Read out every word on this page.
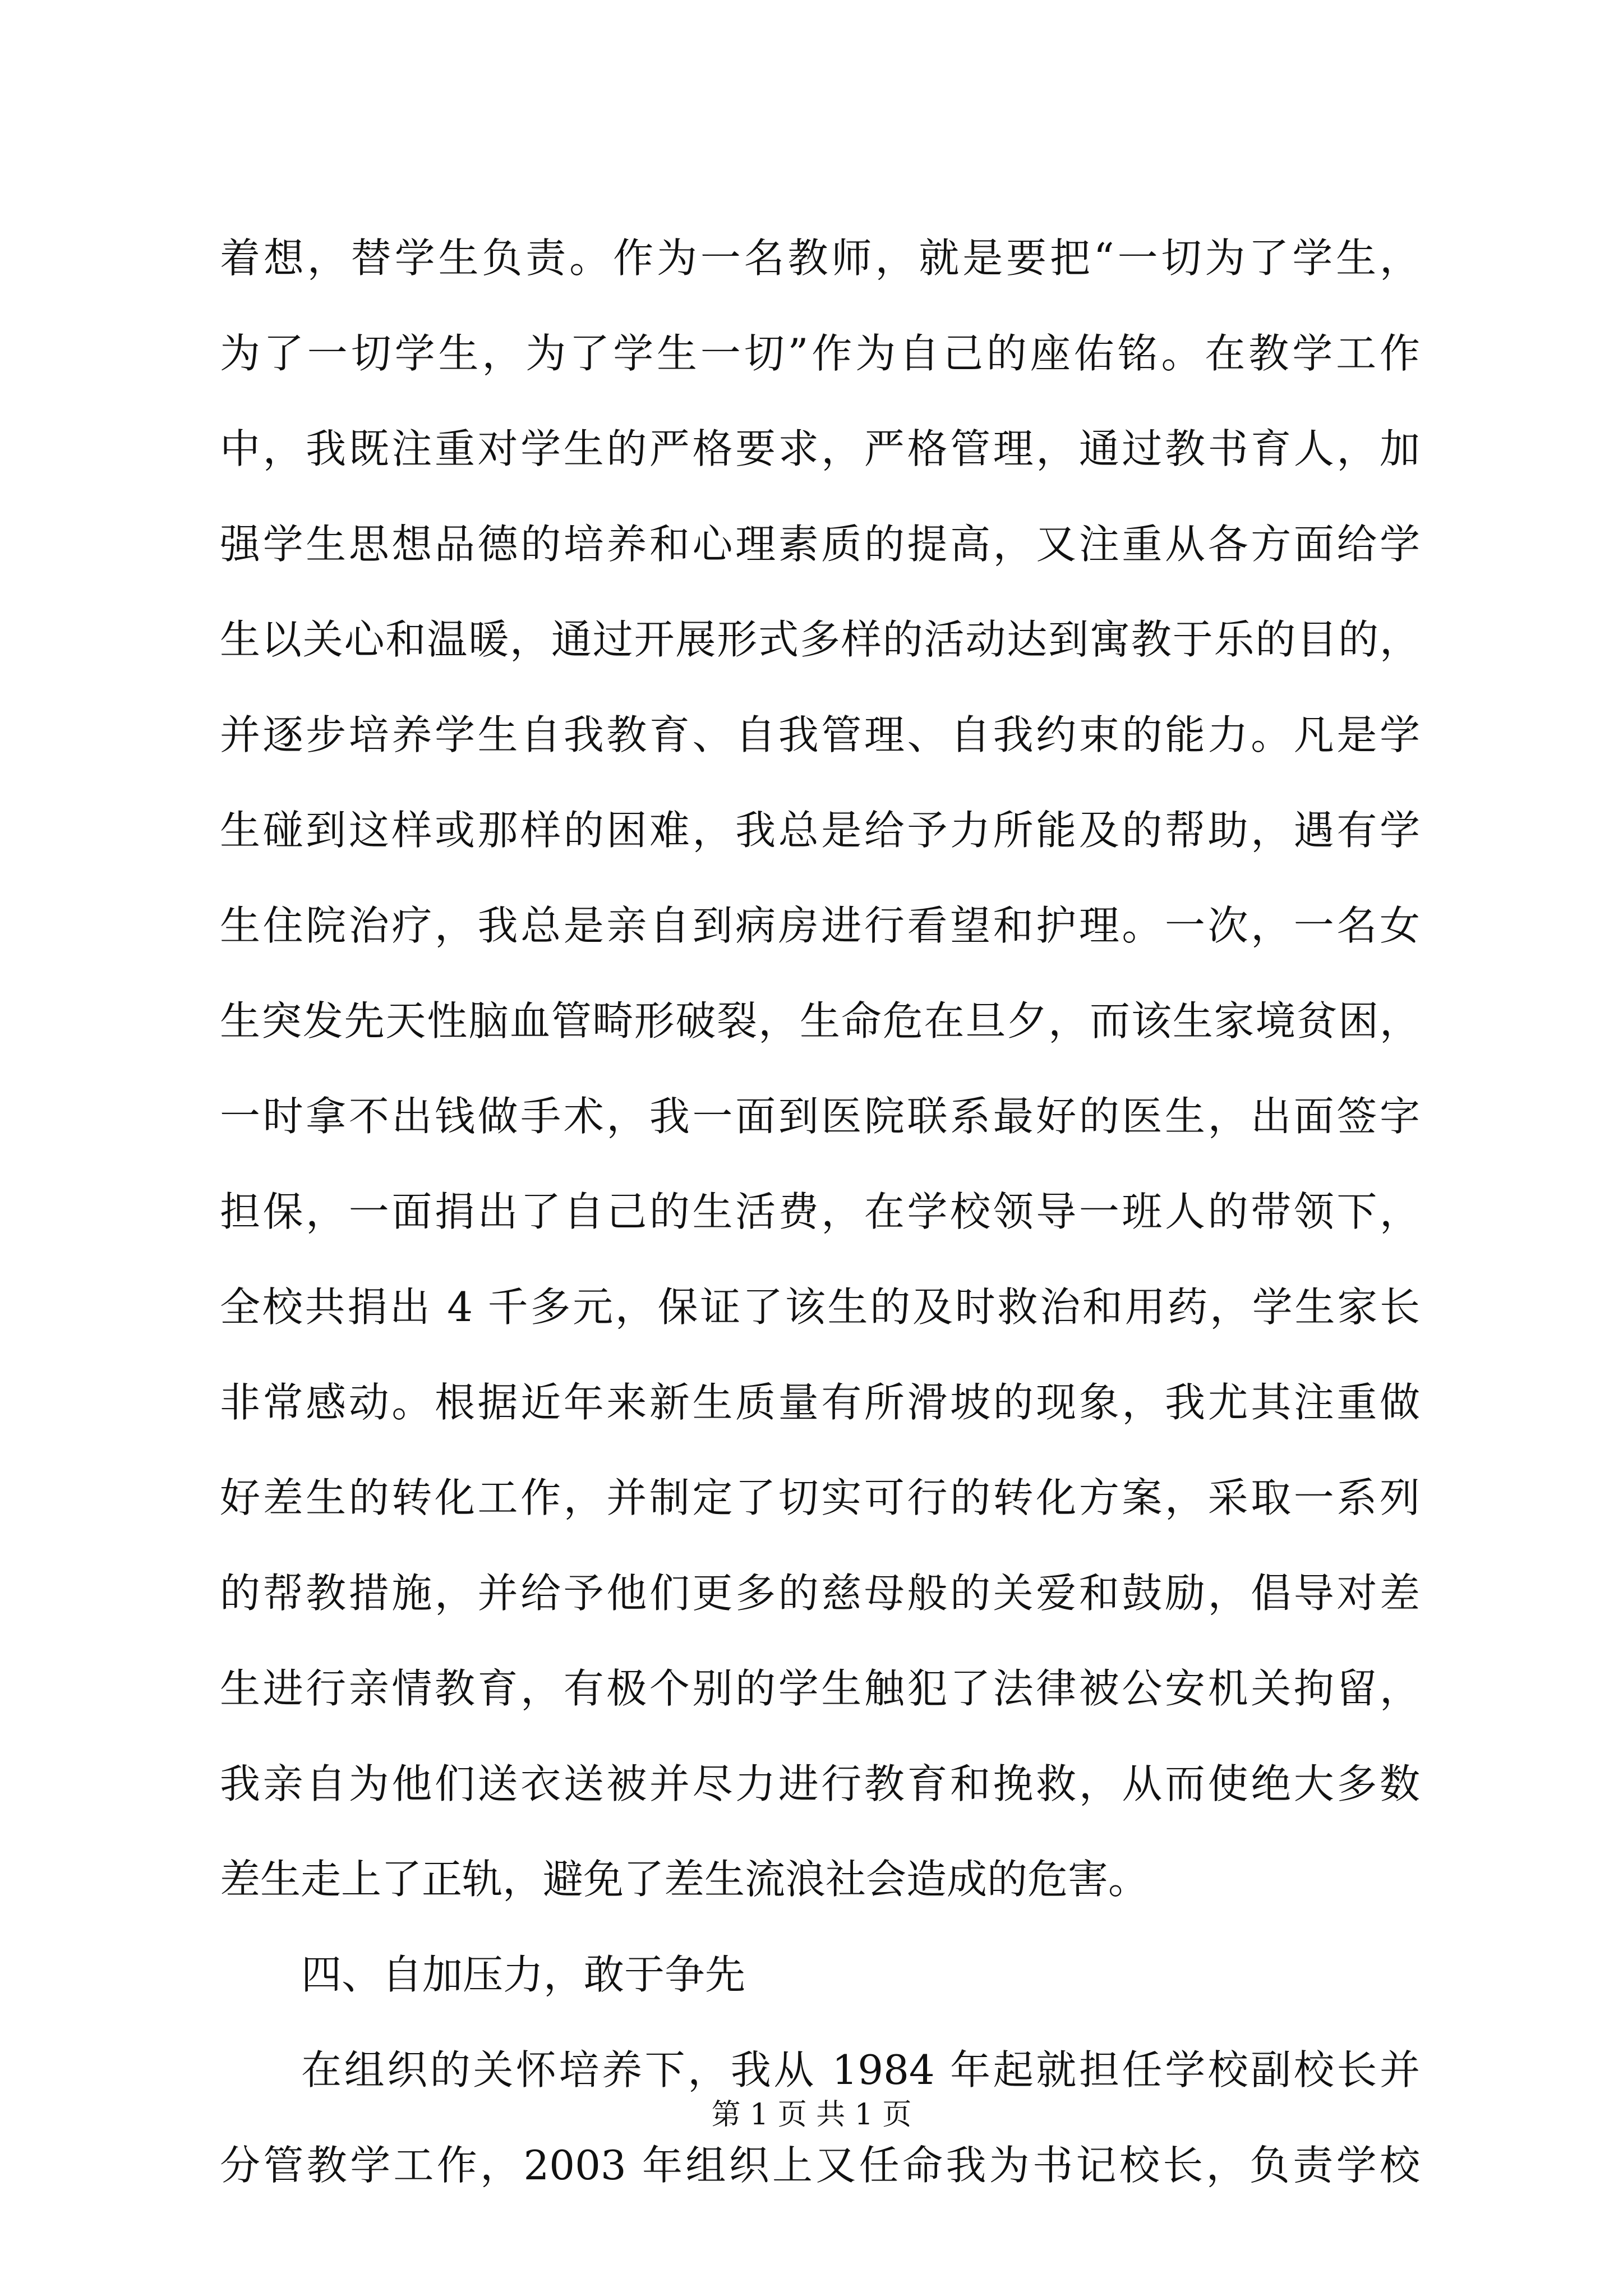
着想，替学生负责。作为一名教师，就是要把“一切为了学生，
为了一切学生，为了学生一切”作为自己的座佑铭。在教学工作
中，我既注重对学生的严格要求，严格管理，通过教书育人，加
强学生思想品德的培养和心理素质的提高，又注重从各方面给学
生以关心和温暖，通过开展形式多样的活动达到寓教于乐的目的，
并逐步培养学生自我教育、自我管理、自我约束的能力。凡是学
生碰到这样或那样的困难，我总是给予力所能及的帮助，遇有学
生住院治疗，我总是亲自到病房进行看望和护理。一次，一名女
生突发先天性脑血管畸形破裂，生命危在旦夕，而该生家境贫困，
一时拿不出钱做手术，我一面到医院联系最好的医生，出面签字
担保，一面捐出了自己的生活费，在学校领导一班人的带领下，
全校共捐出 4 千多元，保证了该生的及时救治和用药，学生家长
非常感动。根据近年来新生质量有所滑坡的现象，我尤其注重做
好差生的转化工作，并制定了切实可行的转化方案，采取一系列
的帮教措施，并给予他们更多的慈母般的关爱和鼓励，倡导对差
生进行亲情教育，有极个别的学生触犯了法律被公安机关拘留，
我亲自为他们送衣送被并尽力进行教育和挽救，从而使绝大多数
差生走上了正轨，避免了差生流浪社会造成的危害。
四、自加压力，敢于争先
在组织的关怀培养下，我从 1984 年起就担任学校副校长并
分管教学工作，2003 年组织上又任命我为书记校长，负责学校
第 1 页 共 1 页
